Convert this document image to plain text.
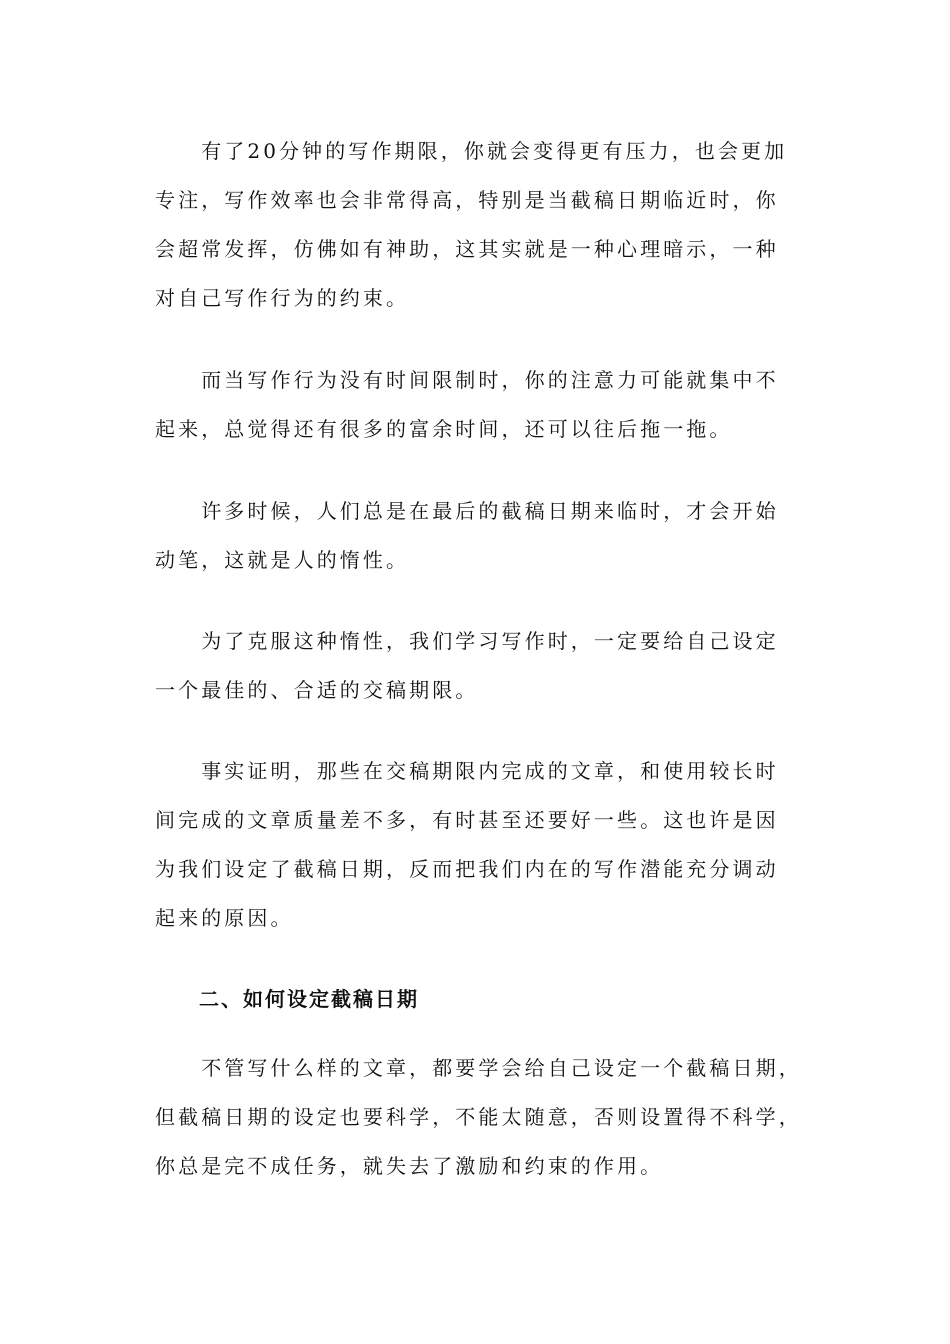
　　有了20分钟的写作期限，你就会变得更有压力，也会更加
专注，写作效率也会非常得高，特别是当截稿日期临近时，你
会超常发挥，仿佛如有神助，这其实就是一种心理暗示，一种
对自己写作行为的约束。
　　而当写作行为没有时间限制时，你的注意力可能就集中不
起来，总觉得还有很多的富余时间，还可以往后拖一拖。
　　许多时候，人们总是在最后的截稿日期来临时，才会开始
动笔，这就是人的惰性。
　　为了克服这种惰性，我们学习写作时，一定要给自己设定
一个最佳的、合适的交稿期限。
　　事实证明，那些在交稿期限内完成的文章，和使用较长时
间完成的文章质量差不多，有时甚至还要好一些。这也许是因
为我们设定了截稿日期，反而把我们内在的写作潜能充分调动
起来的原因。
　　二、如何设定截稿日期
　　不管写什么样的文章，都要学会给自己设定一个截稿日期，
但截稿日期的设定也要科学，不能太随意，否则设置得不科学，
你总是完不成任务，就失去了激励和约束的作用。
